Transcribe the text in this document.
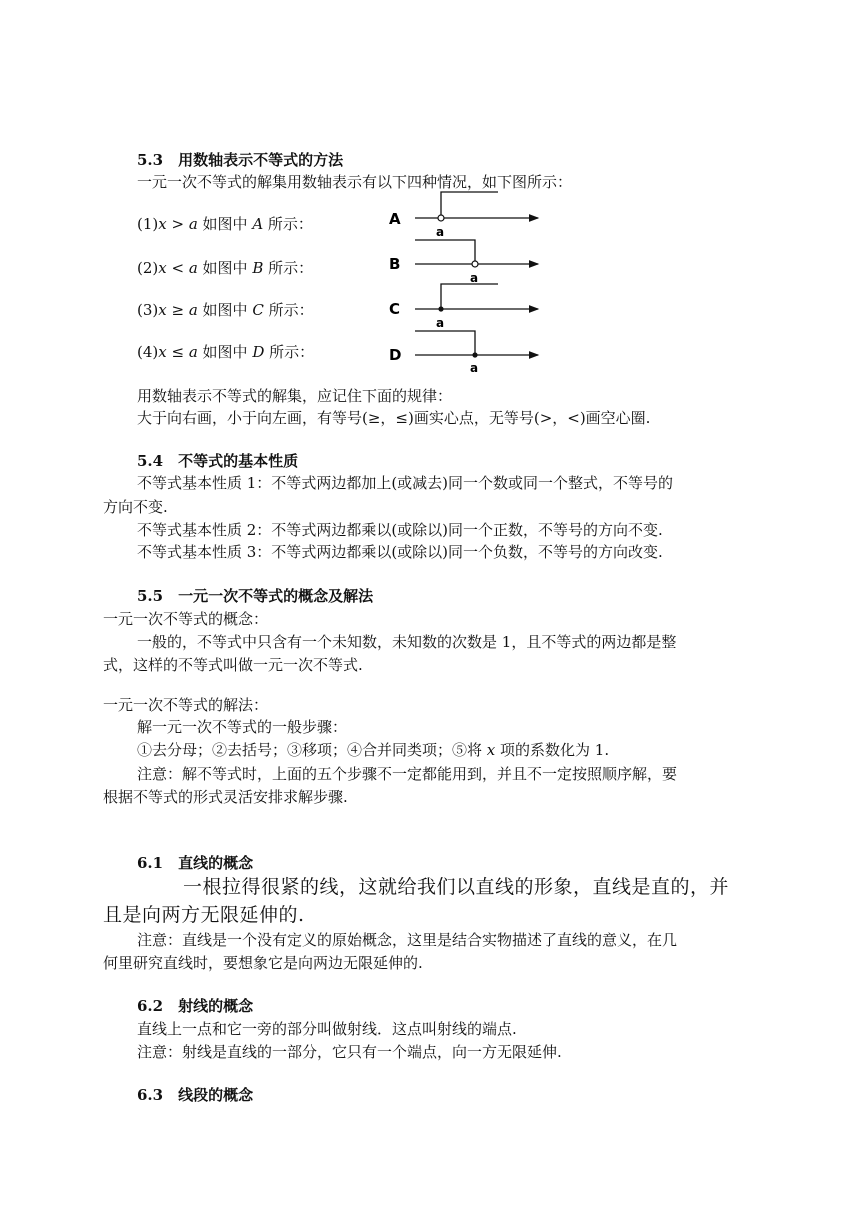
5.3　用数轴表示不等式的方法
一元一次不等式的解集用数轴表示有以下四种情况，如下图所示：
(1)x > a 如图中 A 所示：
(2)x < a 如图中 B 所示：
(3)x ≥ a 如图中 C 所示：
(4)x ≤ a 如图中 D 所示：
A
a
B
a
C
a
D
a
用数轴表示不等式的解集，应记住下面的规律：
大于向右画，小于向左画，有等号(≥，≤)画实心点，无等号(>，<)画空心圈.
5.4　不等式的基本性质
不等式基本性质 1：不等式两边都加上(或减去)同一个数或同一个整式，不等号的
方向不变.
不等式基本性质 2：不等式两边都乘以(或除以)同一个正数，不等号的方向不变.
不等式基本性质 3：不等式两边都乘以(或除以)同一个负数，不等号的方向改变.
5.5　一元一次不等式的概念及解法
一元一次不等式的概念：
一般的，不等式中只含有一个未知数，未知数的次数是 1，且不等式的两边都是整
式，这样的不等式叫做一元一次不等式.
一元一次不等式的解法：
解一元一次不等式的一般步骤：
①去分母；②去括号；③移项；④合并同类项；⑤将 x 项的系数化为 1.
注意：解不等式时，上面的五个步骤不一定都能用到，并且不一定按照顺序解，要
根据不等式的形式灵活安排求解步骤.
6.1　直线的概念
一根拉得很紧的线，这就给我们以直线的形象，直线是直的，并
且是向两方无限延伸的.
注意：直线是一个没有定义的原始概念，这里是结合实物描述了直线的意义，在几
何里研究直线时，要想象它是向两边无限延伸的.
6.2　射线的概念
直线上一点和它一旁的部分叫做射线．这点叫射线的端点.
注意：射线是直线的一部分，它只有一个端点，向一方无限延伸.
6.3　线段的概念
